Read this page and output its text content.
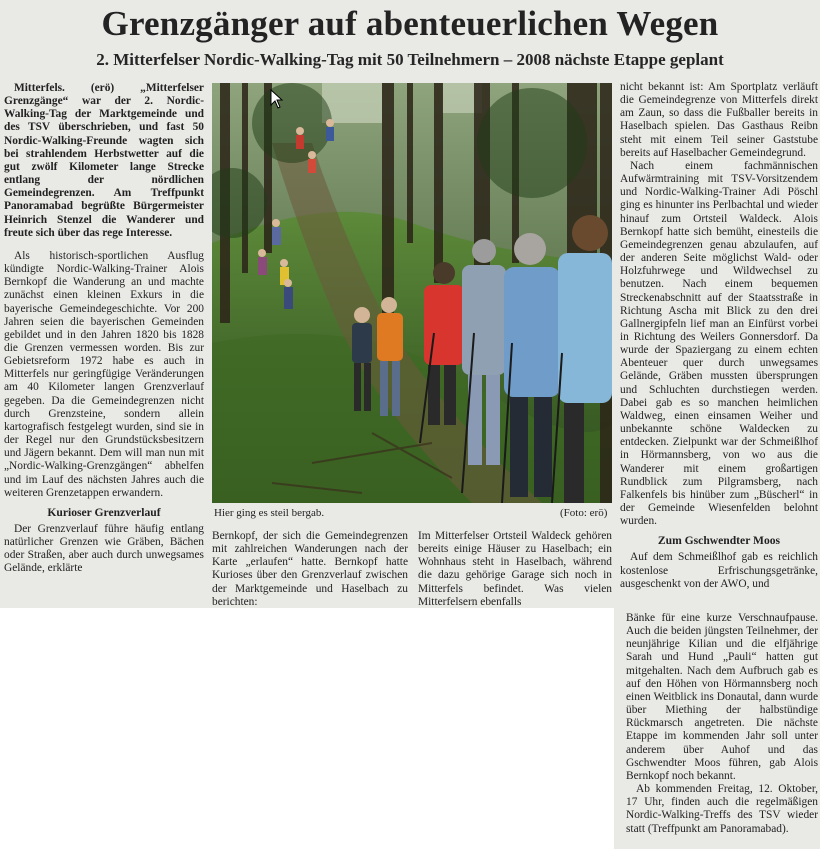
Grenzgänger auf abenteuerlichen Wegen
2. Mitterfelser Nordic-Walking-Tag mit 50 Teilnehmern – 2008 nächste Etappe geplant

Mitterfels. (erö) „Mitterfelser Grenzgänge“ war der 2. Nordic-Walking-Tag der Marktgemeinde und des TSV überschrieben, und fast 50 Nordic-Walking-Freunde wagten sich bei strahlendem Herbstwetter auf die gut zwölf Kilometer lange Strecke entlang der nördlichen Gemeindegrenzen. Am Treffpunkt Panoramabad begrüßte Bürgermeister Heinrich Stenzel die Wanderer und freute sich über das rege Interesse.

Als historisch-sportlichen Ausflug kündigte Nordic-Walking-Trainer Alois Bernkopf die Wanderung an und machte zunächst einen kleinen Exkurs in die bayerische Gemeindegeschichte. Vor 200 Jahren seien die bayerischen Gemeinden gebildet und in den Jahren 1820 bis 1828 die Grenzen vermessen worden. Bis zur Gebietsreform 1972 habe es auch in Mitterfels nur geringfügige Veränderungen am 40 Kilometer langen Grenzverlauf gegeben. Da die Gemeindegrenzen nicht durch Grenzsteine, sondern allein kartografisch festgelegt wurden, sind sie in der Regel nur den Grundstücksbesitzern und Jägern bekannt. Dem will man nun mit „Nordic-Walking-Grenzgängen“ abhelfen und im Lauf des nächsten Jahres auch die weiteren Grenzetappen erwandern.

Kurioser Grenzverlauf

Der Grenzverlauf führe häufig entlang natürlicher Grenzen wie Gräben, Bächen oder Straßen, aber auch durch unwegsames Gelände, erklärte

Hier ging es steil bergab.	(Foto: erö)

Bernkopf, der sich die Gemeindegrenzen mit zahlreichen Wanderungen nach der Karte „erlaufen“ hatte. Bernkopf hatte Kurioses über den Grenzverlauf zwischen der Marktgemeinde und Haselbach zu berichten:

Im Mitterfelser Ortsteil Waldeck gehören bereits einige Häuser zu Haselbach; ein Wohnhaus steht in Haselbach, während die dazu gehörige Garage sich noch in Mitterfels befindet. Was vielen Mitterfelsern ebenfalls

nicht bekannt ist: Am Sportplatz verläuft die Gemeindegrenze von Mitterfels direkt am Zaun, so dass die Fußballer bereits in Haselbach spielen. Das Gasthaus Reibn steht mit einem Teil seiner Gaststube bereits auf Haselbacher Gemeindegrund.

Nach einem fachmännischen Aufwärmtraining mit TSV-Vorsitzendem und Nordic-Walking-Trainer Adi Pöschl ging es hinunter ins Perlbachtal und wieder hinauf zum Ortsteil Waldeck. Alois Bernkopf hatte sich bemüht, einesteils die Gemeindegrenzen genau abzulaufen, auf der anderen Seite möglichst Wald- oder Holzfuhrwege und Wildwechsel zu benutzen. Nach einem bequemen Streckenabschnitt auf der Staatsstraße in Richtung Ascha mit Blick zu den drei Gallnergipfeln lief man an Einfürst vorbei in Richtung des Weilers Gonnersdorf. Da wurde der Spaziergang zu einem echten Abenteuer quer durch unwegsames Gelände, Gräben mussten übersprungen und Schluchten durchstiegen werden. Dabei gab es so manchen heimlichen Waldweg, einen einsamen Weiher und unbekannte schöne Waldecken zu entdecken. Zielpunkt war der Schmeißlhof in Hörmannsberg, von wo aus die Wanderer mit einem großartigen Rundblick zum Pilgramsberg, nach Falkenfels bis hinüber zum „Büscherl“ in der Gemeinde Wiesenfelden belohnt wurden.

Zum Gschwendter Moos

Auf dem Schmeißlhof gab es reichlich kostenlose Erfrischungsgetränke, ausgeschenkt von der AWO, und

Bänke für eine kurze Verschnaufpause. Auch die beiden jüngsten Teilnehmer, der neunjährige Kilian und die elfjährige Sarah und Hund „Pauli“ hatten gut mitgehalten. Nach dem Aufbruch gab es auf den Höhen von Hörmannsberg noch einen Weitblick ins Donautal, dann wurde über Miething der halbstündige Rückmarsch angetreten. Die nächste Etappe im kommenden Jahr soll unter anderem über Auhof und das Gschwendter Moos führen, gab Alois Bernkopf noch bekannt.

Ab kommenden Freitag, 12. Oktober, 17 Uhr, finden auch die regelmäßigen Nordic-Walking-Treffs des TSV wieder statt (Treffpunkt am Panoramabad).
